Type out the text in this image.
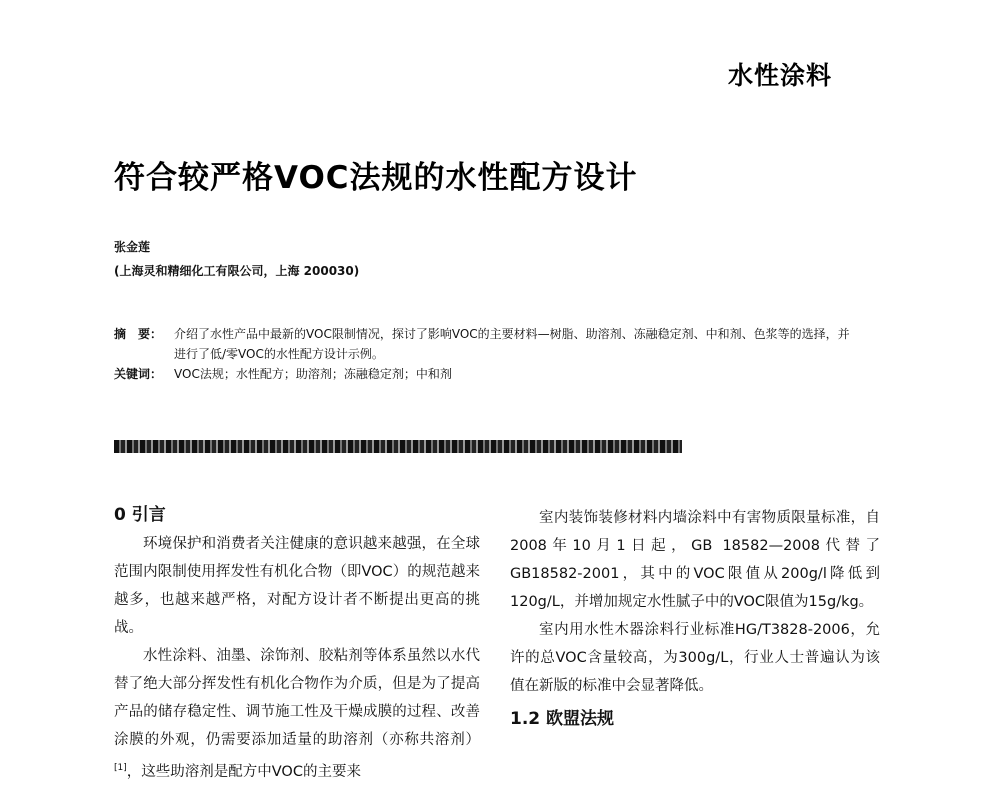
水性涂料
符合较严格VOC法规的水性配方设计
张金莲
(上海灵和精细化工有限公司，上海 200030)
摘　要： 介绍了水性产品中最新的VOC限制情况，探讨了影响VOC的主要材料—树脂、助溶剂、冻融稳定剂、中和剂、色浆等的选择，并进行了低/零VOC的水性配方设计示例。
关键词： VOC法规；水性配方；助溶剂；冻融稳定剂；中和剂
0 引言

环境保护和消费者关注健康的意识越来越强，在全球范围内限制使用挥发性有机化合物（即VOC）的规范越来越多，也越来越严格，对配方设计者不断提出更高的挑战。

水性涂料、油墨、涂饰剂、胶粘剂等体系虽然以水代替了绝大部分挥发性有机化合物作为介质，但是为了提高产品的储存稳定性、调节施工性及干燥成膜的过程、改善涂膜的外观，仍需要添加适量的助溶剂（亦称共溶剂）[1]，这些助溶剂是配方中VOC的主要来

室内装饰装修材料内墙涂料中有害物质限量标准，自2008年10月1日起，GB 18582—2008代替了GB18582-2001，其中的VOC限值从200g/l降低到120g/L，并增加规定水性腻子中的VOC限值为15g/kg。

室内用水性木器涂料行业标准HG/T3828-2006，允许的总VOC含量较高，为300g/L，行业人士普遍认为该值在新版的标准中会显著降低。

1.2 欧盟法规
